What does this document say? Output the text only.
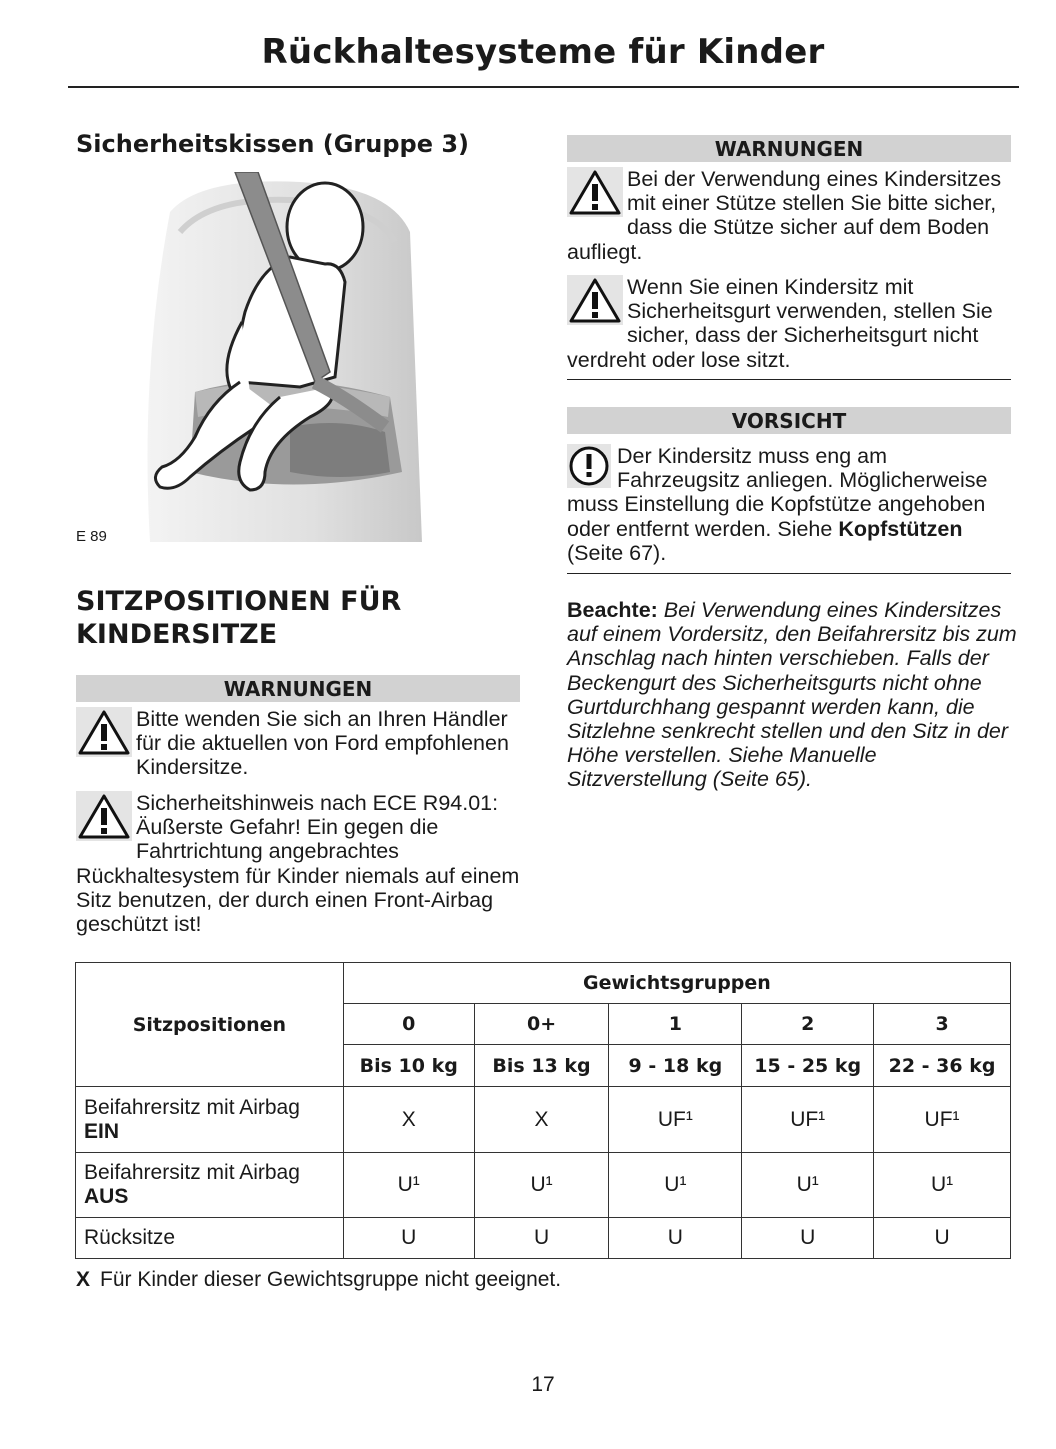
Rückhaltesysteme für Kinder
Sicherheitskissen (Gruppe 3)
E 89
SITZPOSITIONEN FÜR
KINDERSITZE
WARNUNGEN
Bitte wenden Sie sich an Ihren Händler für die aktuellen von Ford empfohlenen Kindersitze.
Sicherheitshinweis nach ECE R94.01: Äußerste Gefahr! Ein gegen die Fahrtrichtung angebrachtes Rückhaltesystem für Kinder niemals auf einem Sitz benutzen, der durch einen Front-Airbag geschützt ist!
WARNUNGEN
Bei der Verwendung eines Kindersitzes mit einer Stütze stellen Sie bitte sicher, dass die Stütze sicher auf dem Boden aufliegt.
Wenn Sie einen Kindersitz mit Sicherheitsgurt verwenden, stellen Sie sicher, dass der Sicherheitsgurt nicht verdreht oder lose sitzt.
VORSICHT
Der Kindersitz muss eng am Fahrzeugsitz anliegen. Möglicherweise muss Einstellung die Kopfstütze angehoben oder entfernt werden. Siehe Kopfstützen (Seite 67).
Beachte: Bei Verwendung eines Kindersitzes auf einem Vordersitz, den Beifahrersitz bis zum Anschlag nach hinten verschieben. Falls der Beckengurt des Sicherheitsgurts nicht ohne Gurtdurchhang gespannt werden kann, die Sitzlehne senkrecht stellen und den Sitz in der Höhe verstellen. Siehe Manuelle Sitzverstellung (Seite 65).
Sitzpositionen	Gewichtsgruppen				
	0	0+	1	2	3
	Bis 10 kg	Bis 13 kg	9 - 18 kg	15 - 25 kg	22 - 36 kg
Beifahrersitz mit Airbag
EIN	X	X	UF¹	UF¹	UF¹
Beifahrersitz mit Airbag
AUS	U¹	U¹	U¹	U¹	U¹
Rücksitze	U	U	U	U	U
X Für Kinder dieser Gewichtsgruppe nicht geeignet.
17
